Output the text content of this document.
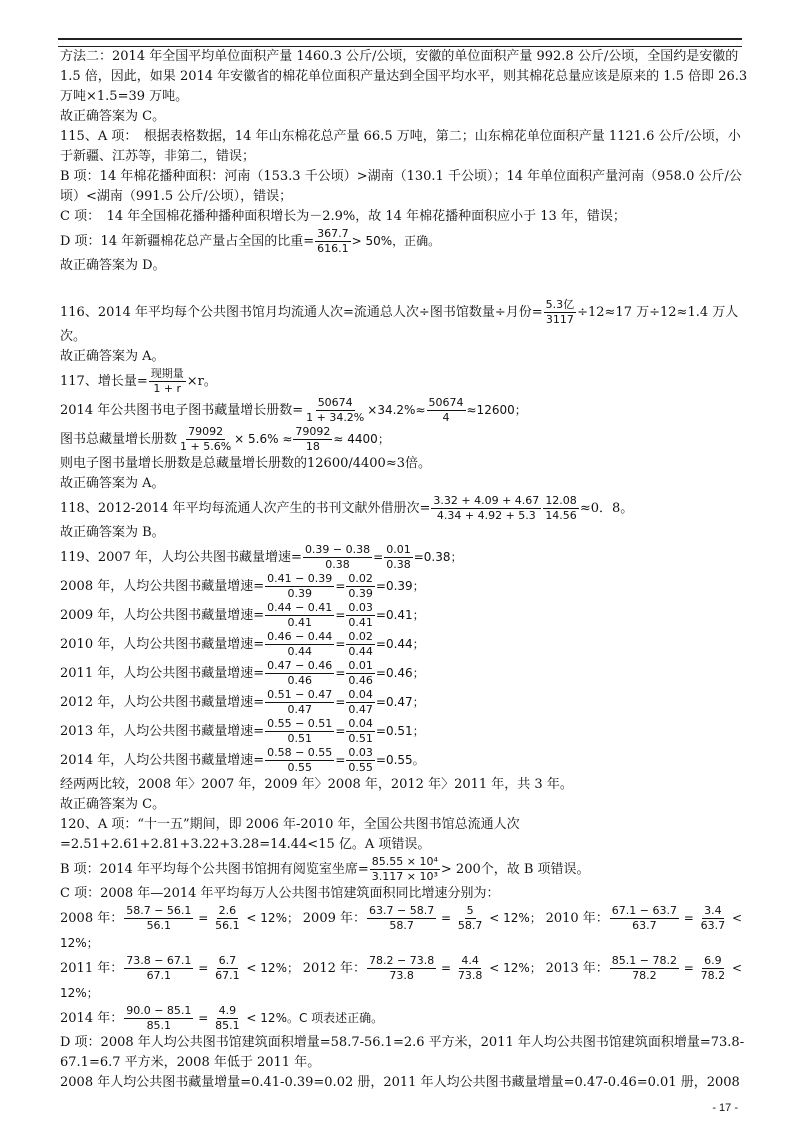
方法二：2014 年全国平均单位面积产量 1460.3 公斤/公顷，安徽的单位面积产量 992.8 公斤/公顷，全国约是安徽的 1.5 倍，因此，如果 2014 年安徽省的棉花单位面积产量达到全国平均水平，则其棉花总量应该是原来的 1.5 倍即 26.3 万吨×1.5=39 万吨。

故正确答案为 C。

115、A 项：　根据表格数据，14 年山东棉花总产量 66.5 万吨，第二；山东棉花单位面积产量 1121.6 公斤/公顷，小于新疆、江苏等，非第二，错误；

B 项：14 年棉花播种面积：河南（153.3 千公顷）>湖南（130.1 千公顷）；14 年单位面积产量河南（958.0 公斤/公顷）<湖南（991.5 公斤/公顷），错误；

C 项：　14 年全国棉花播种播种面积增长为－2.9%，故 14 年棉花播种面积应小于 13 年，错误；

D 项：14 年新疆棉花总产量占全国的比重= $\frac{367.7}{616.1} > 50\%$，正确。

故正确答案为 D。

116、2014 年平均每个公共图书馆月均流通人次=流通总人次÷图书馆数量÷月份= $\frac{\text{5.3亿}}{3117} \div 12\approx 17$ 万÷12≈1.4 万人次。

故正确答案为 A。

117、增长量= $\frac{\text{现期量}}{1 + r} \times r$。

2014 年公共图书电子图书藏量增长册数= $\frac{50674}{1 + 34.2\%} \times 34.2\%\approx \frac{50674}{4} \approx 12600$；

图书总藏量增长册数 $\frac{79092}{1 + 5.6\%} \times 5.6\% \approx \frac{79092}{18} \approx 4400$；

则电子图书量增长册数是总藏量增长册数的12600/4400≈3倍。

故正确答案为 A。

118、2012-2014 年平均每流通人次产生的书刊文献外借册次= $\frac{3.32 + 4.09 + 4.67}{4.34 + 4.92 + 5.3} \frac{12.08}{14.56} \approx 0$．8。

故正确答案为 B。

119、2007 年，人均公共图书藏量增速= $\frac{0.39 - 0.38}{0.38} = \frac{0.01}{0.38} =0.38$；

2008 年，人均公共图书藏量增速= $\frac{0.41 - 0.39}{0.39} = \frac{0.02}{0.39} =0.39$；

2009 年，人均公共图书藏量增速= $\frac{0.44 - 0.41}{0.41} = \frac{0.03}{0.41} =0.41$；

2010 年，人均公共图书藏量增速= $\frac{0.46 - 0.44}{0.44} = \frac{0.02}{0.44} =0.44$；

2011 年，人均公共图书藏量增速= $\frac{0.47 - 0.46}{0.46} = \frac{0.01}{0.46} =0.46$；

2012 年，人均公共图书藏量增速= $\frac{0.51 - 0.47}{0.47} = \frac{0.04}{0.47} =0.47$；

2013 年，人均公共图书藏量增速= $\frac{0.55 - 0.51}{0.51} = \frac{0.04}{0.51} =0.51$；

2014 年，人均公共图书藏量增速= $\frac{0.58 - 0.55}{0.55} = \frac{0.03}{0.55} =0.55$。

经两两比较，2008 年〉2007 年，2009 年〉2008 年，2012 年〉2011 年，共 3 年。

故正确答案为 C。

120、A 项：“十一五”期间，即 2006 年-2010 年，全国公共图书馆总流通人次=2.51+2.61+2.81+3.22+3.28=14.44<15 亿。A 项错误。

B 项：2014 年平均每个公共图书馆拥有阅览室坐席= $\frac{\text{85.55 × 10⁴}}{\text{3.117 × 10³}} > 200$个，故 B 项错误。

C 项：2008 年—2014 年平均每万人公共图书馆建筑面积同比增速分别为：

2008 年： $\frac{58.7 - 56.1}{56.1} = \frac{2.6}{56.1} < 12\%$； 2009 年： $\frac{63.7 - 58.7}{58.7} = \frac{5}{58.7} < 12\%$； 2010 年： $\frac{67.1 - 63.7}{63.7} = \frac{3.4}{63.7} < 12\%$；

2011 年： $\frac{73.8 - 67.1}{67.1} = \frac{6.7}{67.1} < 12\%$； 2012 年： $\frac{78.2 - 73.8}{73.8} = \frac{4.4}{73.8} < 12\%$； 2013 年： $\frac{85.1 - 78.2}{78.2} = \frac{6.9}{78.2} < 12\%$；

2014 年： $\frac{90.0 - 85.1}{85.1} = \frac{4.9}{85.1} < 12\%$。C 项表述正确。

D 项：2008 年人均公共图书馆建筑面积增量=58.7-56.1=2.6 平方米，2011 年人均公共图书馆建筑面积增量=73.8-67.1=6.7 平方米，2008 年低于 2011 年。

2008 年人均公共图书藏量增量=0.41-0.39=0.02 册，2011 年人均公共图书藏量增量=0.47-0.46=0.01 册，2008

- 17 -
